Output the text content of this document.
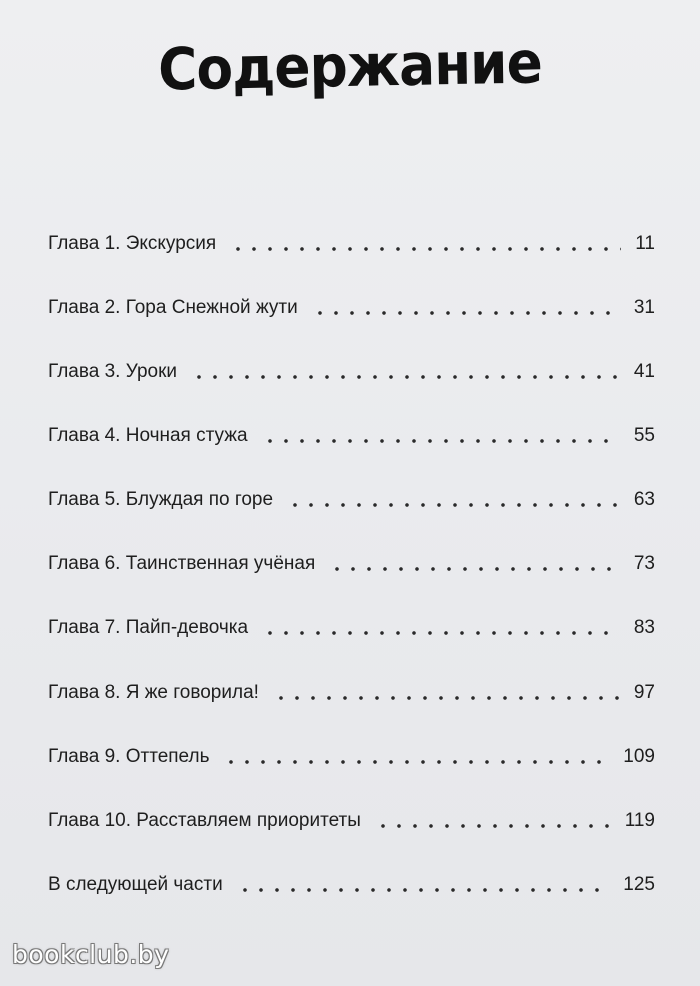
Содержание
Глава 1. Экскурсия	11
Глава 2. Гора Снежной жути	31
Глава 3. Уроки	41
Глава 4. Ночная стужа	55
Глава 5. Блуждая по горе	63
Глава 6. Таинственная учёная	73
Глава 7. Пайп-девочка	83
Глава 8. Я же говорила!	97
Глава 9. Оттепель	109
Глава 10. Расставляем приоритеты	119
В следующей части	125
bookclub.by
